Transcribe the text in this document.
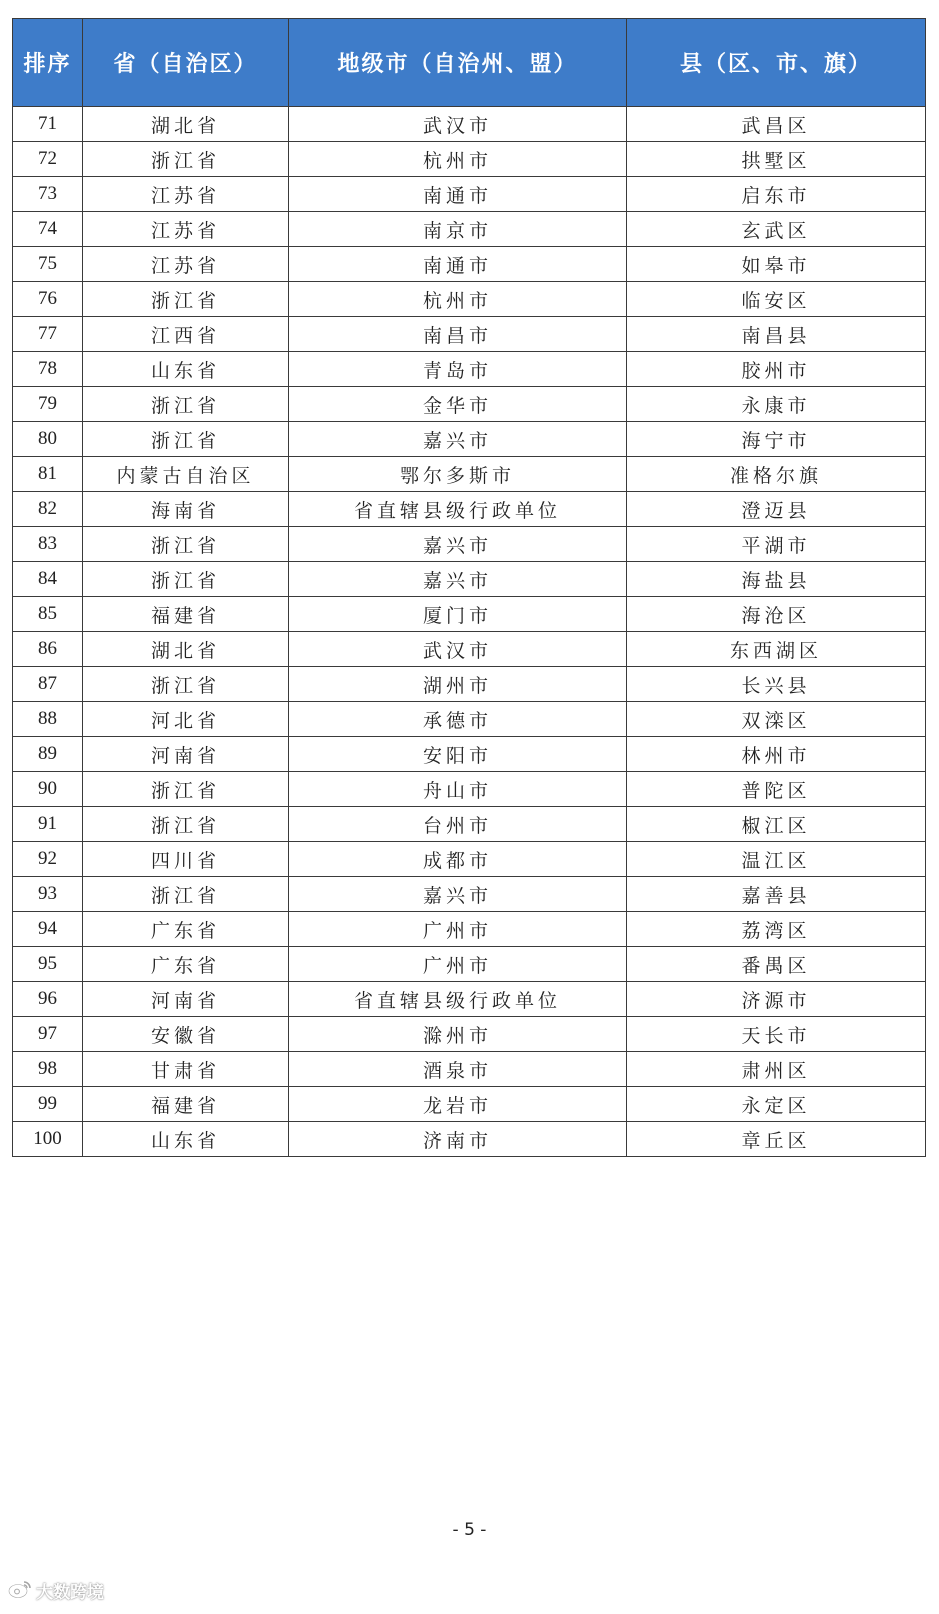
排序	省（自治区）	地级市（自治州、盟）	县（区、市、旗）
71	湖北省	武汉市	武昌区
72	浙江省	杭州市	拱墅区
73	江苏省	南通市	启东市
74	江苏省	南京市	玄武区
75	江苏省	南通市	如皋市
76	浙江省	杭州市	临安区
77	江西省	南昌市	南昌县
78	山东省	青岛市	胶州市
79	浙江省	金华市	永康市
80	浙江省	嘉兴市	海宁市
81	内蒙古自治区	鄂尔多斯市	准格尔旗
82	海南省	省直辖县级行政单位	澄迈县
83	浙江省	嘉兴市	平湖市
84	浙江省	嘉兴市	海盐县
85	福建省	厦门市	海沧区
86	湖北省	武汉市	东西湖区
87	浙江省	湖州市	长兴县
88	河北省	承德市	双滦区
89	河南省	安阳市	林州市
90	浙江省	舟山市	普陀区
91	浙江省	台州市	椒江区
92	四川省	成都市	温江区
93	浙江省	嘉兴市	嘉善县
94	广东省	广州市	荔湾区
95	广东省	广州市	番禺区
96	河南省	省直辖县级行政单位	济源市
97	安徽省	滁州市	天长市
98	甘肃省	酒泉市	肃州区
99	福建省	龙岩市	永定区
100	山东省	济南市	章丘区
- 5 -
大数跨境
